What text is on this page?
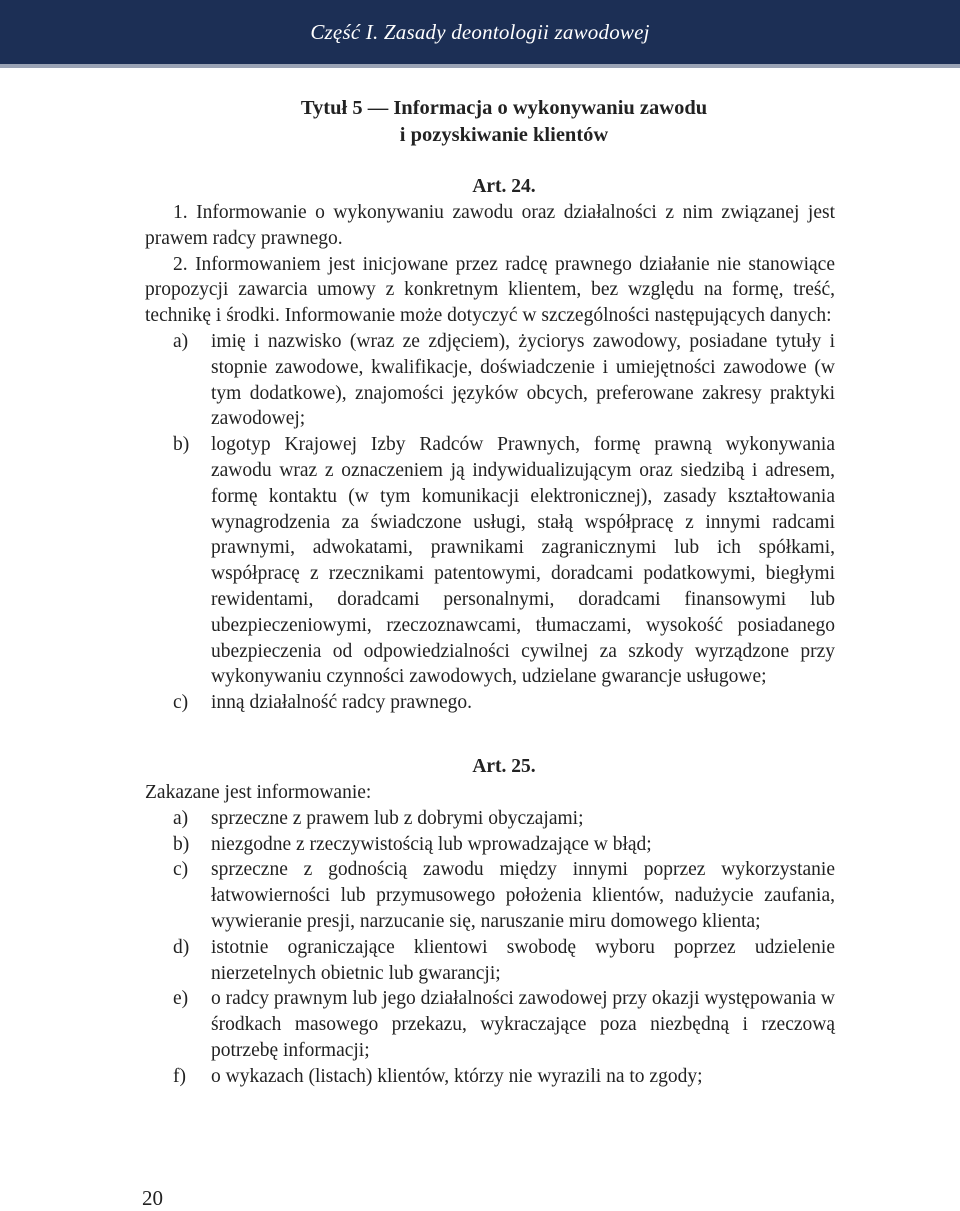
Część I. Zasady deontologii zawodowej
Tytuł 5 — Informacja o wykonywaniu zawodu
i pozyskiwanie klientów
Art. 24.
1. Informowanie o wykonywaniu zawodu oraz działalności z nim związanej jest prawem radcy prawnego.
2. Informowaniem jest inicjowane przez radcę prawnego działanie nie stanowiące propozycji zawarcia umowy z konkretnym klientem, bez względu na formę, treść, technikę i środki. Informowanie może dotyczyć w szczególności następujących danych:
a)	imię i nazwisko (wraz ze zdjęciem), życiorys zawodowy, posiadane tytuły i stopnie zawodowe, kwalifikacje, doświadczenie i umiejętności zawodowe (w tym dodatkowe), znajomości języków obcych, preferowane zakresy praktyki zawodowej;
b)	logotyp Krajowej Izby Radców Prawnych, formę prawną wykonywania zawodu wraz z oznaczeniem ją indywidualizującym oraz siedzibą i adresem, formę kontaktu (w tym komunikacji elektronicznej), zasady kształtowania wynagrodzenia za świadczone usługi, stałą współpracę z innymi radcami prawnymi, adwokatami, prawnikami zagranicznymi lub ich spółkami, współpracę z rzecznikami patentowymi, doradcami podatkowymi, biegłymi rewidentami, doradcami personalnymi, doradcami finansowymi lub ubezpieczeniowymi, rzeczoznawcami, tłumaczami, wysokość posiadanego ubezpieczenia od odpowiedzialności cywilnej za szkody wyrządzone przy wykonywaniu czynności zawodowych, udzielane gwarancje usługowe;
c)	inną działalność radcy prawnego.
Art. 25.
Zakazane jest informowanie:
a)	sprzeczne z prawem lub z dobrymi obyczajami;
b)	niezgodne z rzeczywistością lub wprowadzające w błąd;
c)	sprzeczne z godnością zawodu między innymi poprzez wykorzystanie łatwowierności lub przymusowego położenia klientów, nadużycie zaufania, wywieranie presji, narzucanie się, naruszanie miru domowego klienta;
d)	istotnie ograniczające klientowi swobodę wyboru poprzez udzielenie nierzetelnych obietnic lub gwarancji;
e)	o radcy prawnym lub jego działalności zawodowej przy okazji występowania w środkach masowego przekazu, wykraczające poza niezbędną i rzeczową potrzebę informacji;
f)	o wykazach (listach) klientów, którzy nie wyrazili na to zgody;
20
